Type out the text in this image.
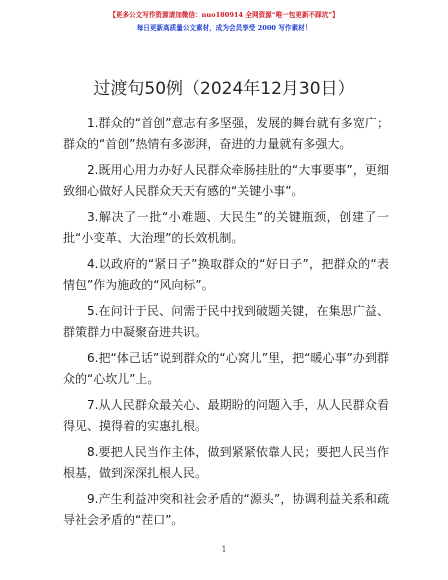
【更多公文写作资源请加微信：nuo180914 全网资源“唯一包更新不踩坑”】
每日更新高质量公文素材，成为会员享受 2000 写作素材！
过渡句50例（2024年12月30日）

1.群众的“首创”意志有多坚强，发展的舞台就有多宽广；群众的“首创”热情有多澎湃，奋进的力量就有多强大。

2.既用心用力办好人民群众牵肠挂肚的“大事要事”，更细致细心做好人民群众天天有感的“关键小事”。

3.解决了一批“小难题、大民生”的关键瓶颈，创建了一批“小变革、大治理”的长效机制。

4.以政府的“紧日子”换取群众的“好日子”，把群众的“表情包”作为施政的“风向标”。

5.在问计于民、问需于民中找到破题关键，在集思广益、群策群力中凝聚奋进共识。

6.把“体己话”说到群众的“心窝儿”里，把“暖心事”办到群众的“心坎儿”上。

7.从人民群众最关心、最期盼的问题入手，从人民群众看得见、摸得着的实惠扎根。

8.要把人民当作主体，做到紧紧依靠人民；要把人民当作根基，做到深深扎根人民。

9.产生利益冲突和社会矛盾的“源头”，协调利益关系和疏导社会矛盾的“茬口”。

1
